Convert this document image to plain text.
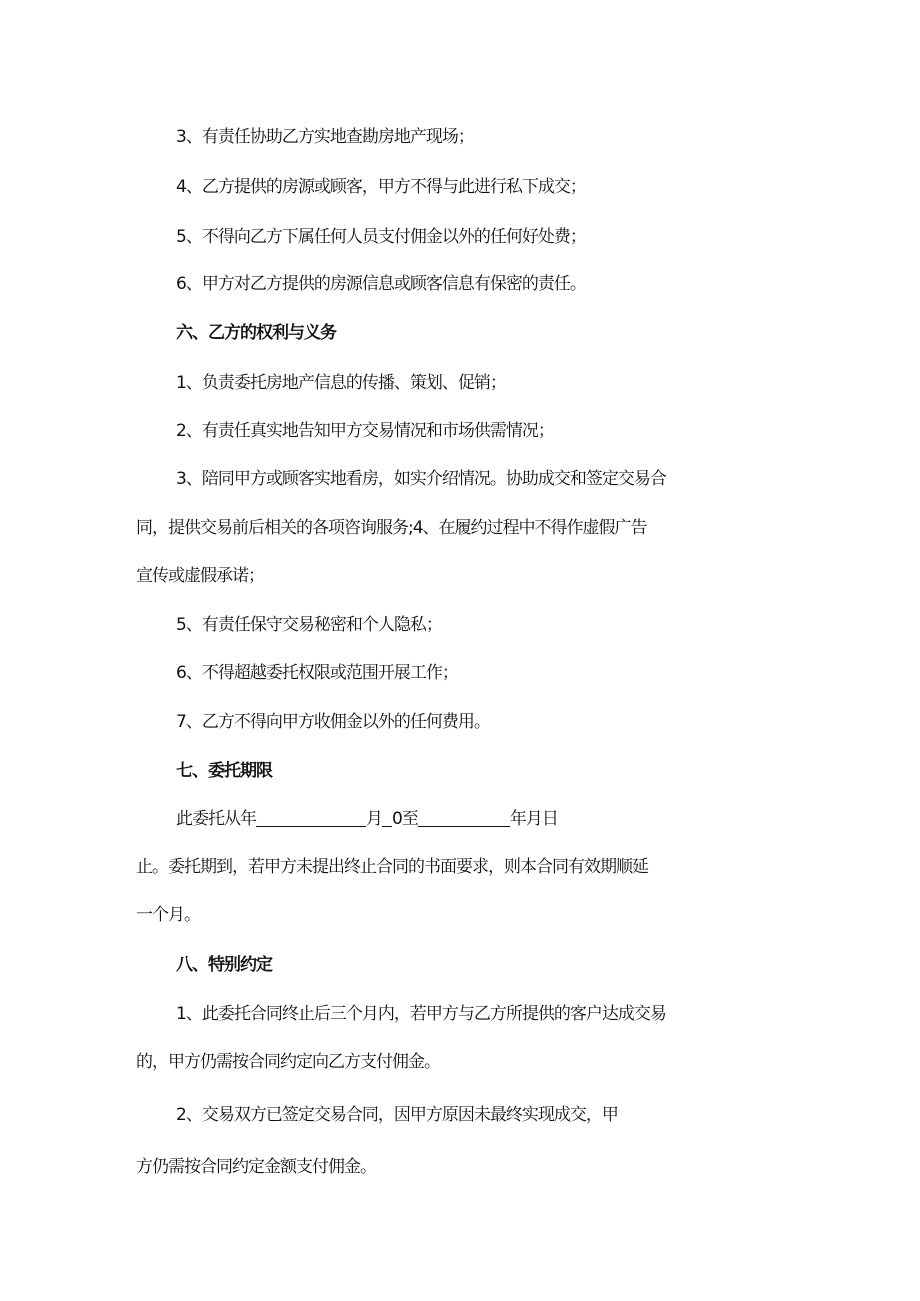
3、有责任协助乙方实地查勘房地产现场；
4、乙方提供的房源或顾客，甲方不得与此进行私下成交；
5、不得向乙方下属任何人员支付佣金以外的任何好处费；
6、甲方对乙方提供的房源信息或顾客信息有保密的责任。
六、乙方的权利与义务
1、负责委托房地产信息的传播、策划、促销；
2、有责任真实地告知甲方交易情况和市场供需情况；
3、陪同甲方或顾客实地看房，如实介绍情况。协助成交和签定交易合
同，提供交易前后相关的各项咨询服务;4、在履约过程中不得作虚假广告
宣传或虚假承诺；
5、有责任保守交易秘密和个人隐私；
6、不得超越委托权限或范围开展工作；
7、乙方不得向甲方收佣金以外的任何费用。
七、委托期限
此委托从年	月 0至	年月日
止。委托期到，若甲方未提出终止合同的书面要求，则本合同有效期顺延
一个月。
八、特别约定
1、此委托合同终止后三个月内，若甲方与乙方所提供的客户达成交易
的，甲方仍需按合同约定向乙方支付佣金。
2、交易双方已签定交易合同，因甲方原因未最终实现成交，甲
方仍需按合同约定金额支付佣金。
